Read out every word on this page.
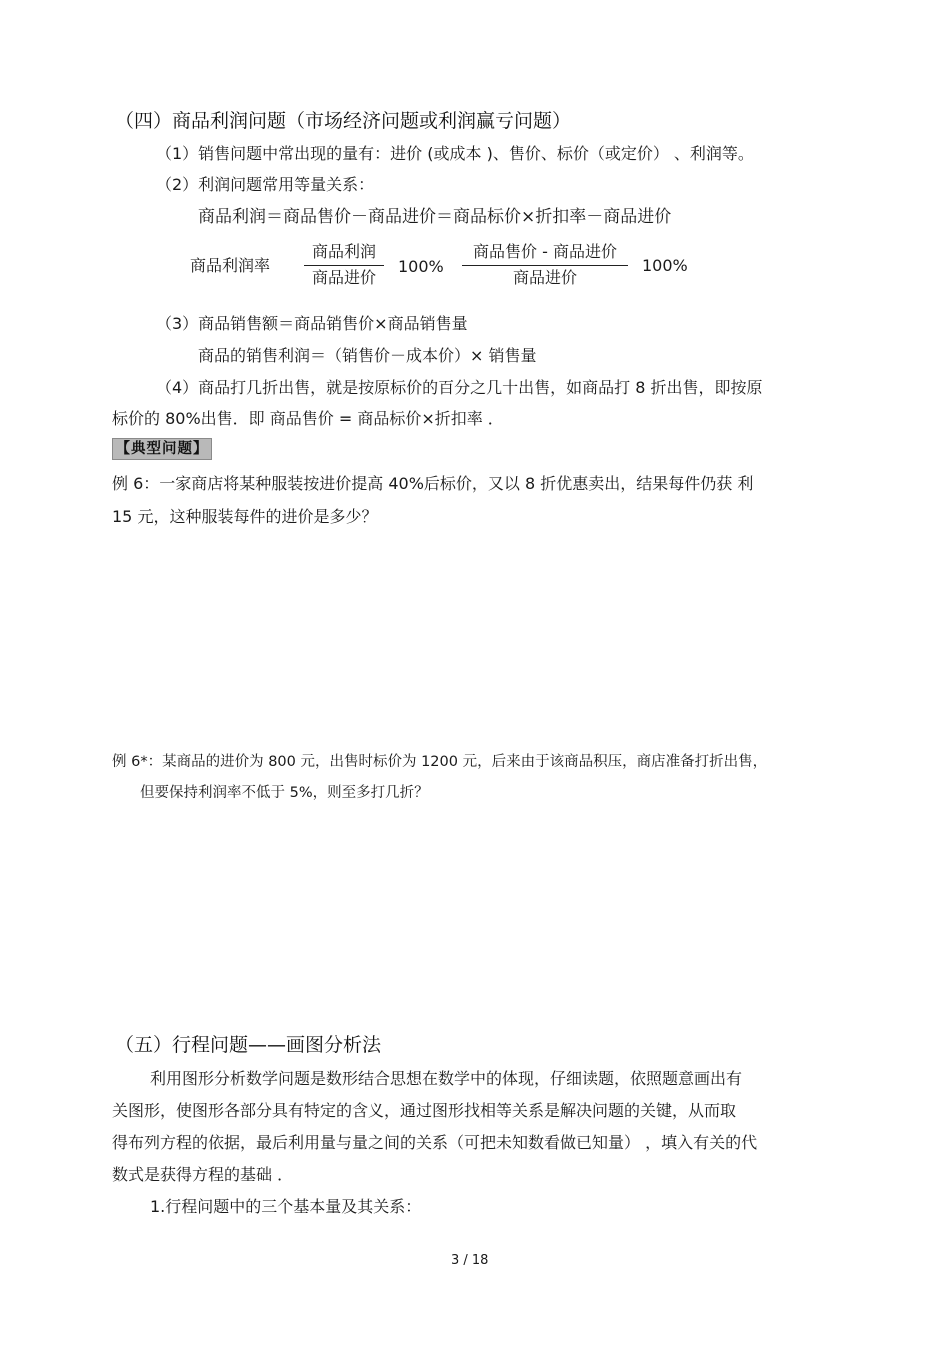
（四）商品利润问题（市场经济问题或利润赢亏问题）
（1）销售问题中常出现的量有：进价 (或成本 )、售价、标价（或定价） 、利润等。
（2）利润问题常用等量关系：
商品利润＝商品售价－商品进价＝商品标价×折扣率－商品进价
商品利润率
商品利润
商品进价
100%
商品售价 - 商品进价
商品进价
100%
（3）商品销售额＝商品销售价×商品销售量
商品的销售利润＝（销售价－成本价）× 销售量
（4）商品打几折出售，就是按原标价的百分之几十出售，如商品打 8 折出售，即按原
标价的 80%出售．即 商品售价 = 商品标价×折扣率 ．
【典型问题】
例 6：一家商店将某种服装按进价提高 40%后标价，又以 8 折优惠卖出，结果每件仍获 利
15 元，这种服装每件的进价是多少？
例 6*：某商品的进价为 800 元，出售时标价为 1200 元，后来由于该商品积压，商店准备打折出售，
但要保持利润率不低于 5%，则至多打几折？
（五）行程问题——画图分析法
利用图形分析数学问题是数形结合思想在数学中的体现，仔细读题，依照题意画出有
关图形，使图形各部分具有特定的含义，通过图形找相等关系是解决问题的关键，从而取
得布列方程的依据，最后利用量与量之间的关系（可把未知数看做已知量） ，填入有关的代
数式是获得方程的基础 ．
1.行程问题中的三个基本量及其关系：
3 / 18
